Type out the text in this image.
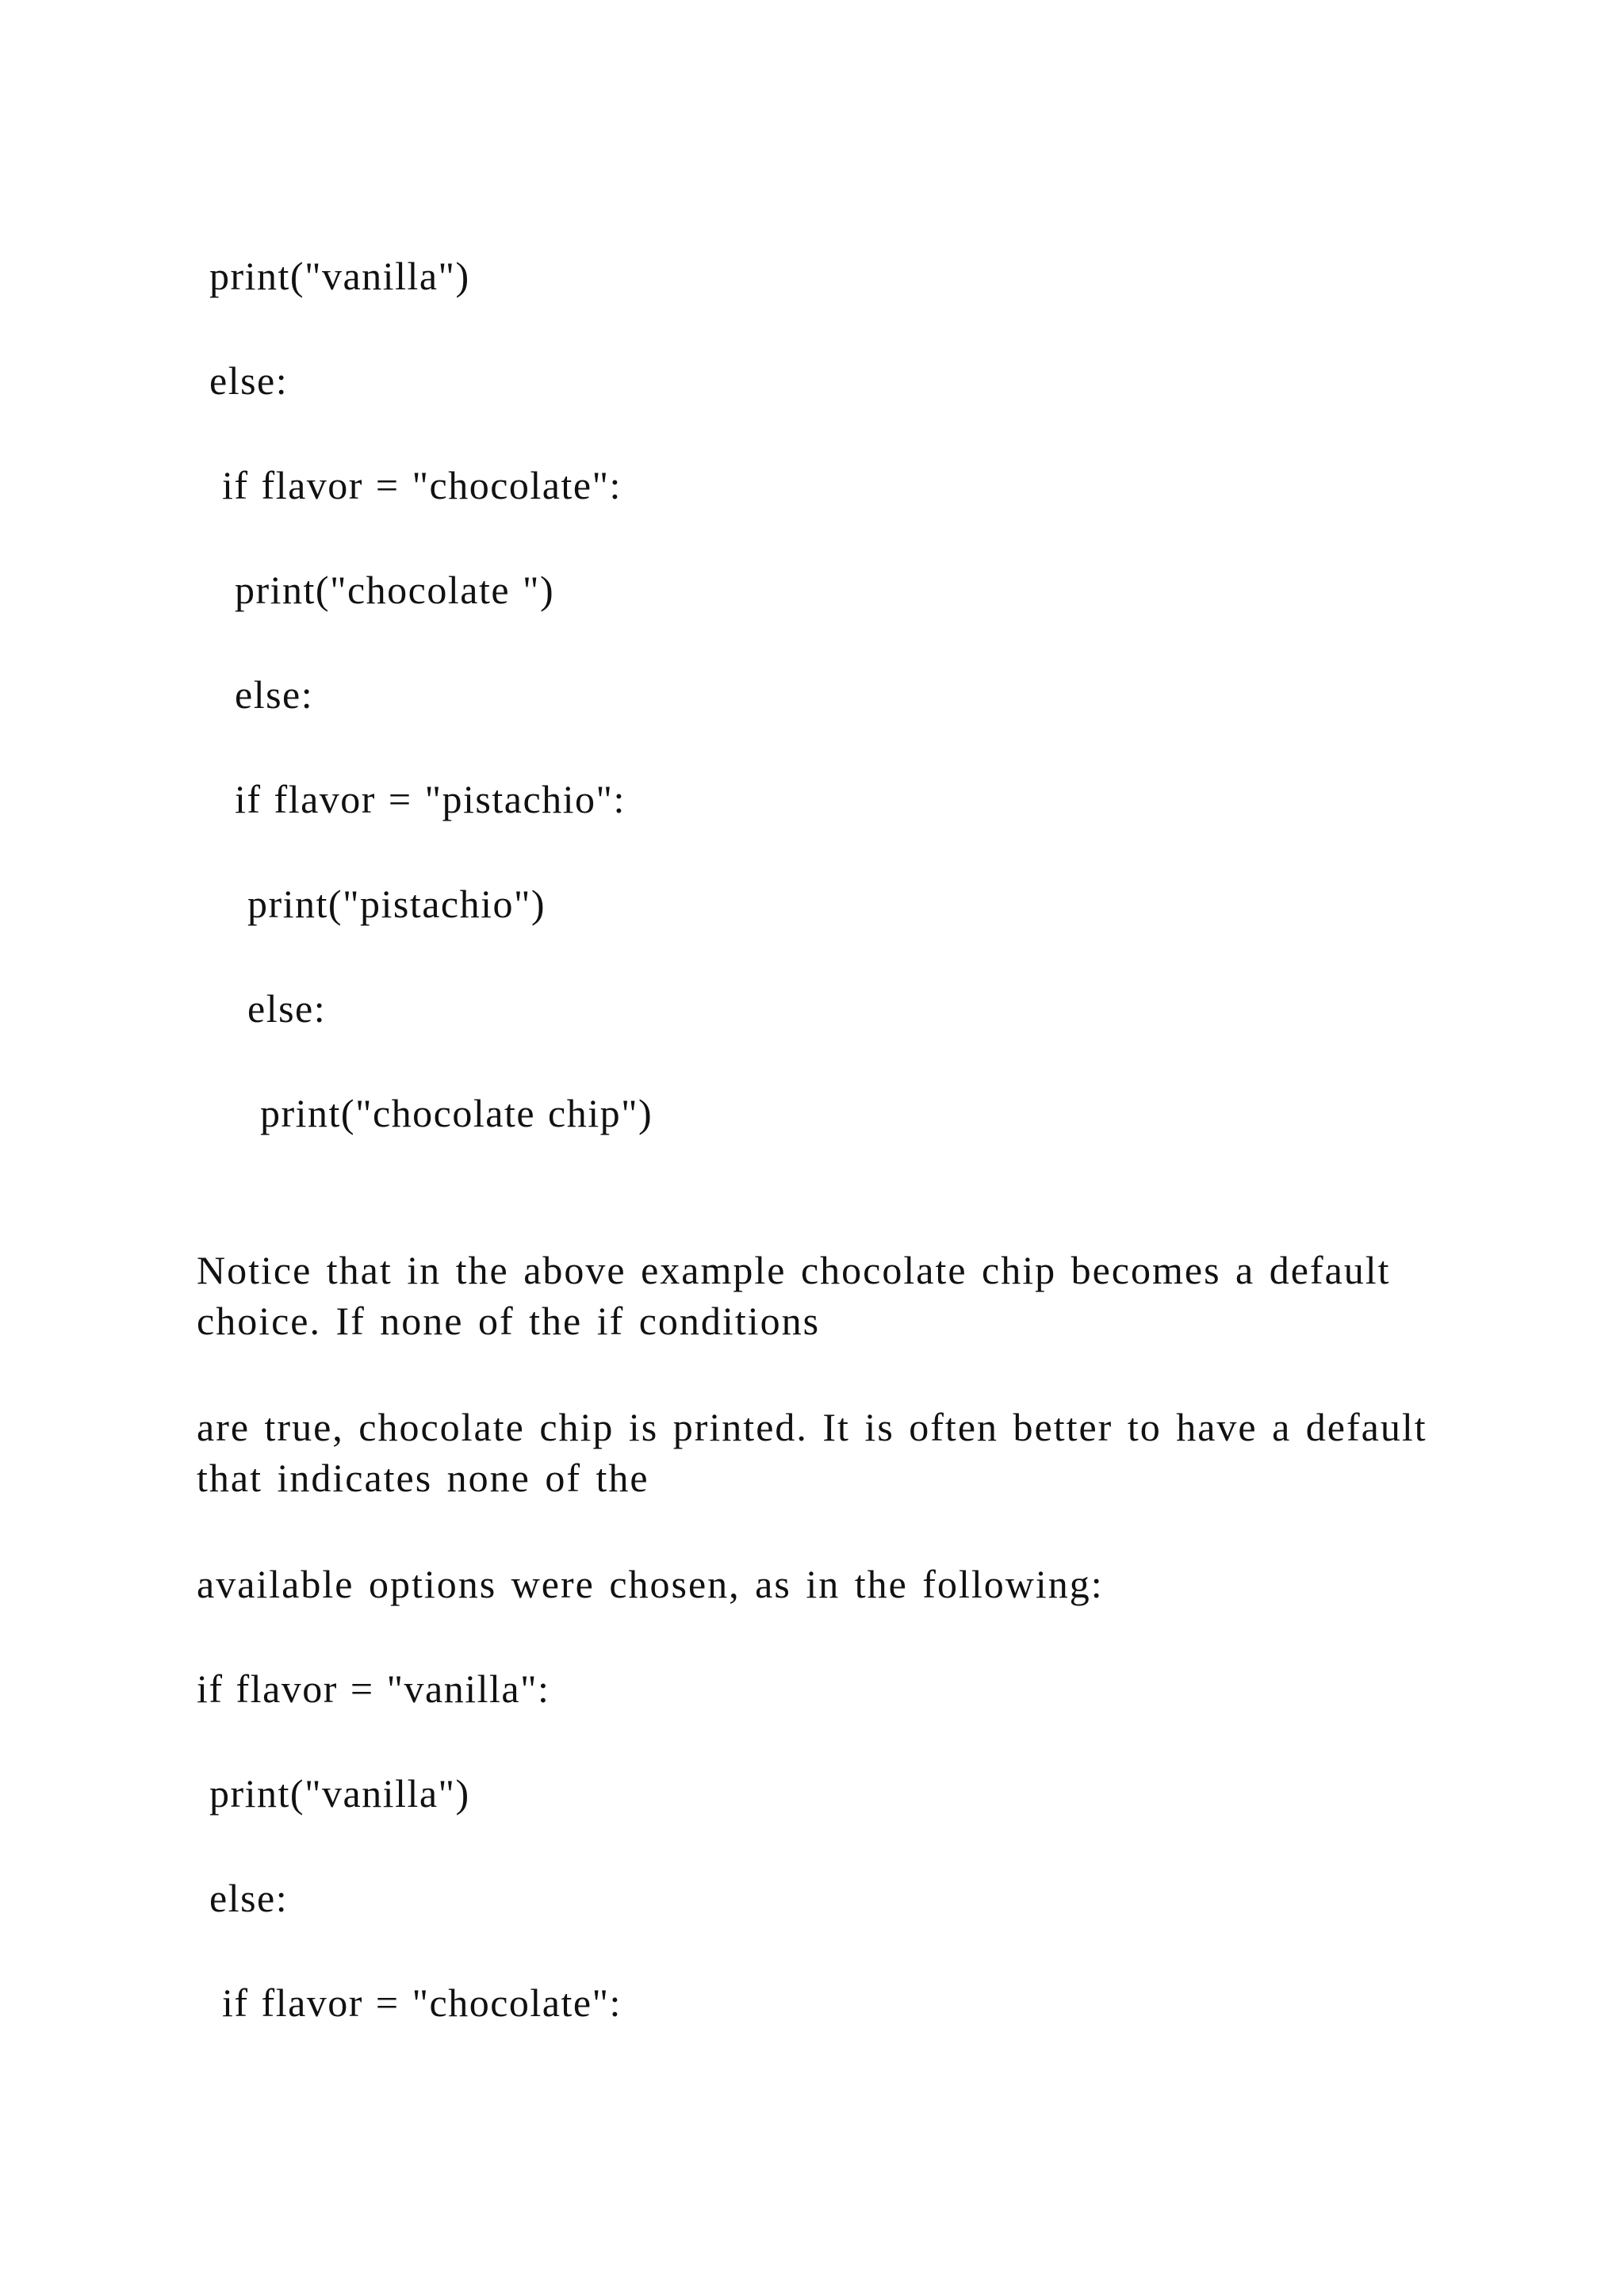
print("vanilla")
else:
if flavor = "chocolate":
print("chocolate ")
else:
if flavor = "pistachio":
print("pistachio")
else:
print("chocolate chip")
Notice that in the above example chocolate chip becomes a default choice. If none of the if conditions
are true, chocolate chip is printed. It is often better to have a default that indicates none of the
available options were chosen, as in the following:
if flavor = "vanilla":
print("vanilla")
else:
if flavor = "chocolate":
